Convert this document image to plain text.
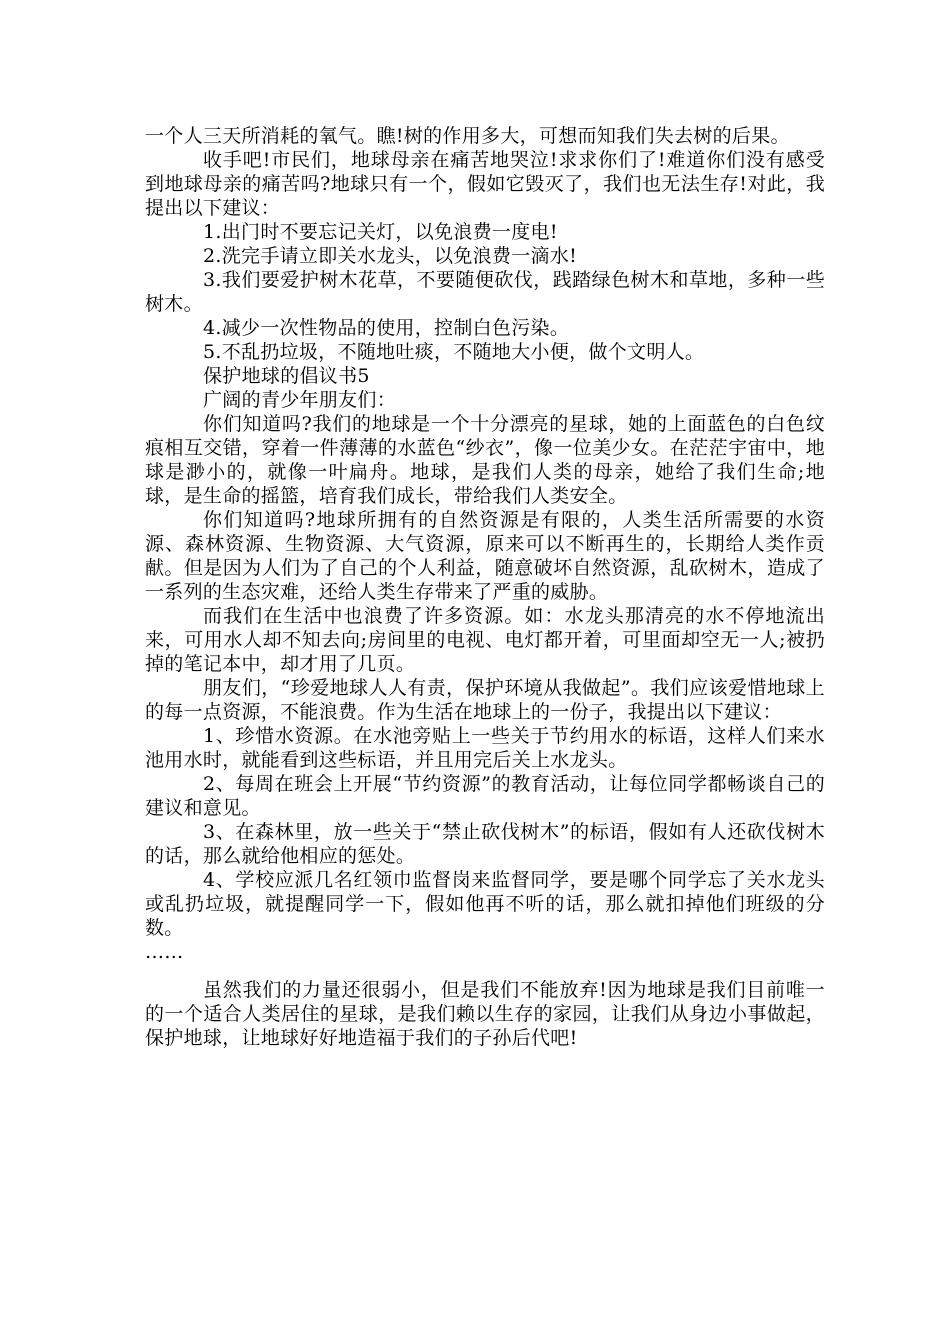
一个人三天所消耗的氧气。瞧!树的作用多大，可想而知我们失去树的后果。

收手吧!市民们，地球母亲在痛苦地哭泣!求求你们了!难道你们没有感受到地球母亲的痛苦吗?地球只有一个，假如它毁灭了，我们也无法生存!对此，我提出以下建议：

1.出门时不要忘记关灯，以免浪费一度电!

2.洗完手请立即关水龙头，以免浪费一滴水!

3.我们要爱护树木花草，不要随便砍伐，践踏绿色树木和草地，多种一些树木。

4.减少一次性物品的使用，控制白色污染。

5.不乱扔垃圾，不随地吐痰，不随地大小便，做个文明人。

保护地球的倡议书5

广阔的青少年朋友们：

你们知道吗?我们的地球是一个十分漂亮的星球，她的上面蓝色的白色纹痕相互交错，穿着一件薄薄的水蓝色“纱衣”，像一位美少女。在茫茫宇宙中，地球是渺小的，就像一叶扁舟。地球，是我们人类的母亲，她给了我们生命;地球，是生命的摇篮，培育我们成长，带给我们人类安全。

你们知道吗?地球所拥有的自然资源是有限的，人类生活所需要的水资源、森林资源、生物资源、大气资源，原来可以不断再生的，长期给人类作贡献。但是因为人们为了自己的个人利益，随意破坏自然资源，乱砍树木，造成了一系列的生态灾难，还给人类生存带来了严重的威胁。

而我们在生活中也浪费了许多资源。如：水龙头那清亮的水不停地流出来，可用水人却不知去向;房间里的电视、电灯都开着，可里面却空无一人;被扔掉的笔记本中，却才用了几页。

朋友们，“珍爱地球人人有责，保护环境从我做起”。我们应该爱惜地球上的每一点资源，不能浪费。作为生活在地球上的一份子，我提出以下建议：

1、珍惜水资源。在水池旁贴上一些关于节约用水的标语，这样人们来水池用水时，就能看到这些标语，并且用完后关上水龙头。

2、每周在班会上开展“节约资源”的教育活动，让每位同学都畅谈自己的建议和意见。

3、在森林里，放一些关于“禁止砍伐树木”的标语，假如有人还砍伐树木的话，那么就给他相应的惩处。

4、学校应派几名红领巾监督岗来监督同学，要是哪个同学忘了关水龙头或乱扔垃圾，就提醒同学一下，假如他再不听的话，那么就扣掉他们班级的分数。

……

虽然我们的力量还很弱小，但是我们不能放弃!因为地球是我们目前唯一的一个适合人类居住的星球，是我们赖以生存的家园，让我们从身边小事做起，保护地球，让地球好好地造福于我们的子孙后代吧!
